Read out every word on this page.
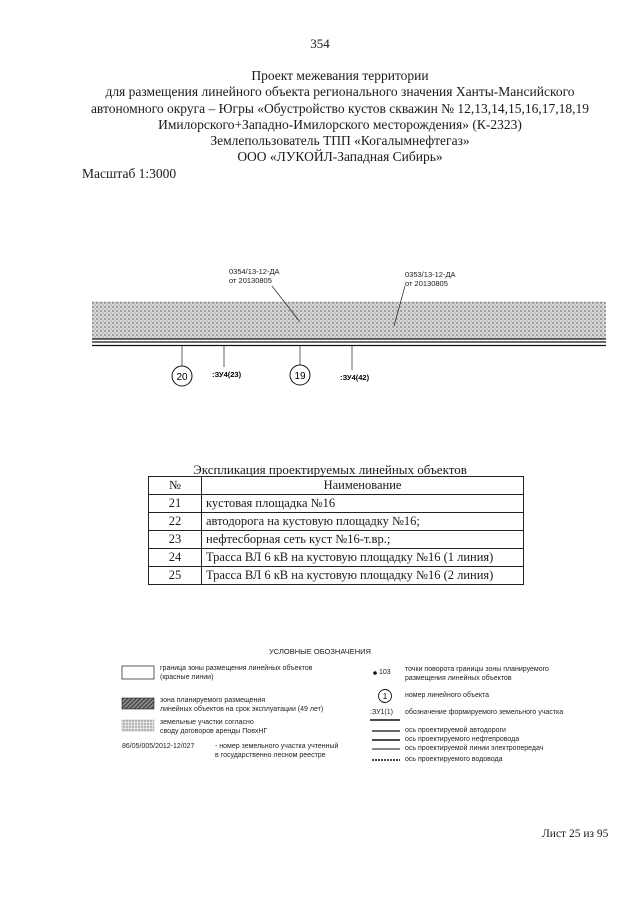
354
Проект межевания территории
для размещения линейного объекта регионального значения Ханты-Мансийского
автономного округа – Югры «Обустройство кустов скважин № 12,13,14,15,16,17,18,19
Имилорского+Западно-Имилорского месторождения» (К-2323)
Землепользователь ТПП «Когалымнефтегаз»
ООО «ЛУКОЙЛ-Западная Сибирь»
Масштаб 1:3000
20	19
:ЗУ4(23)	:ЗУ4(42)
0354/13-12-ДА
от 20130805
0353/13-12-ДА
от 20130805
Экспликация проектируемых линейных объектов
№	Наименование
21	кустовая площадка №16
22	автодорога на кустовую площадку №16;
23	нефтесборная сеть куст №16-т.вр.;
24	Трасса ВЛ 6 кВ на кустовую площадку №16 (1 линия)
25	Трасса ВЛ 6 кВ на кустовую площадку №16 (2 линия)
УСЛОВНЫЕ ОБОЗНАЧЕНИЯ
1
граница зоны размещения линейных объектов
(красные линии)
зона планируемого размещения
линейных объектов на срок эксплуатации (49 лет)
земельные участки согласно
своду договоров аренды ПовхНГ
86/05/005/2012-12/027	- номер земельного участка учтенный
в государственно лесном реестре
103 точки поворота границы зоны планируемого
размещения линейных объектов
номер линейного объекта
:ЗУ1(1) обозначение формируемого земельного участка
ось проектируемой автодороги
ось проектируемого нефтепровода
ось проектируемой линии электропередач
ось проектируемого водовода
Лист 25 из 95
